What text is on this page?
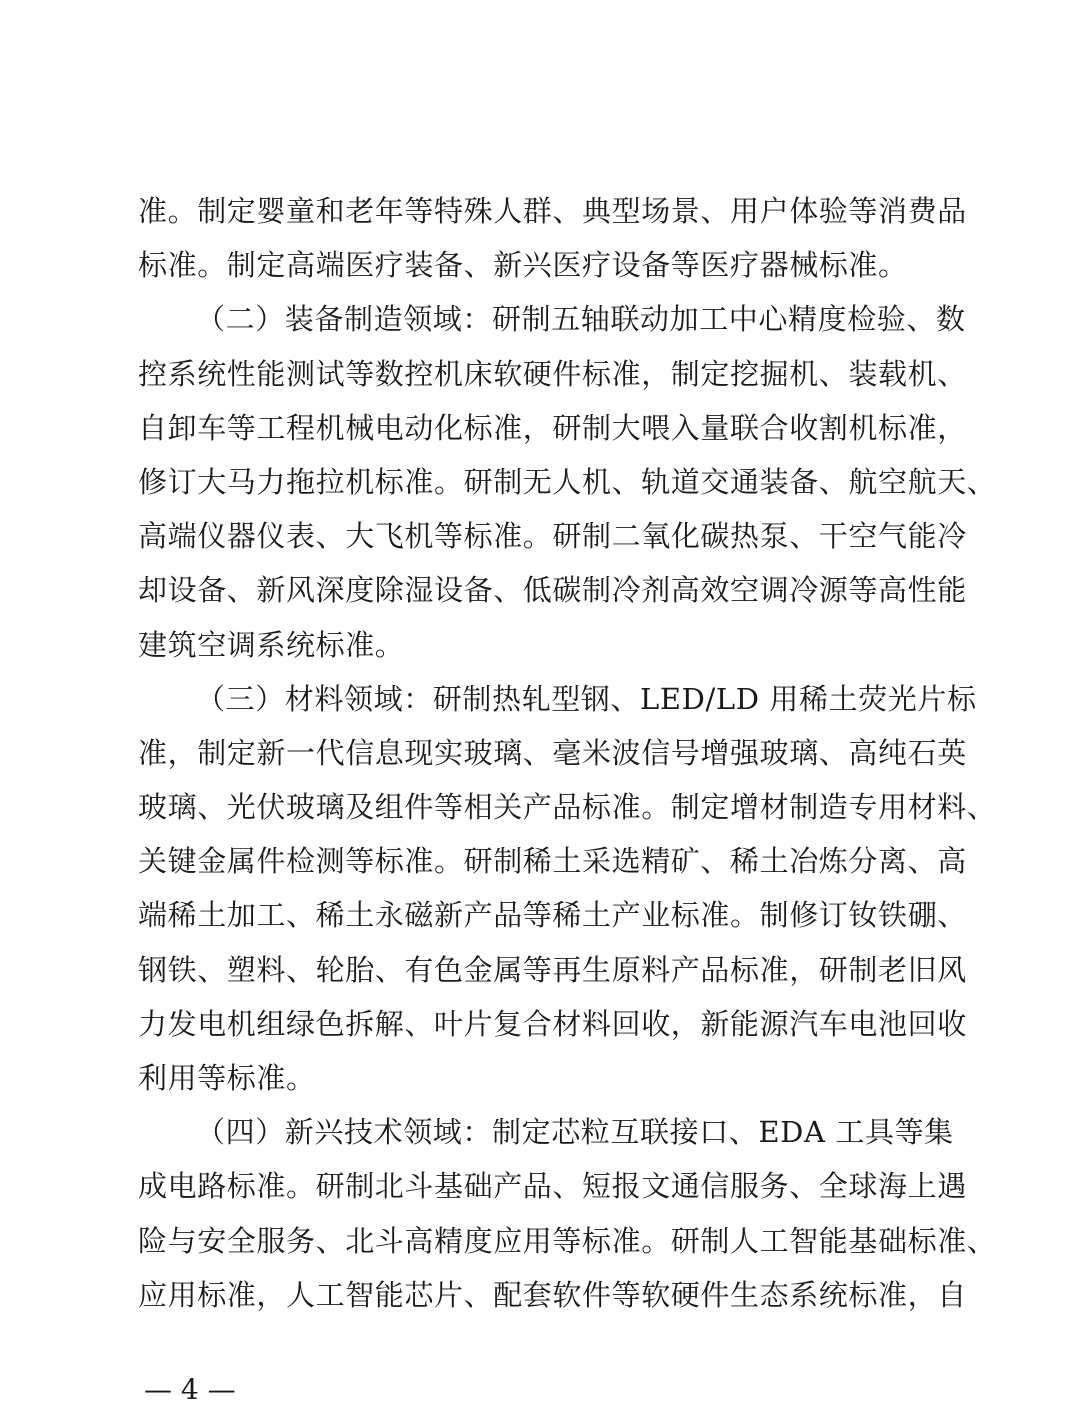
准。制定婴童和老年等特殊人群、典型场景、用户体验等消费品
标准。制定高端医疗装备、新兴医疗设备等医疗器械标准。
（二）装备制造领域：研制五轴联动加工中心精度检验、数
控系统性能测试等数控机床软硬件标准，制定挖掘机、装载机、
自卸车等工程机械电动化标准，研制大喂入量联合收割机标准，
修订大马力拖拉机标准。研制无人机、轨道交通装备、航空航天、
高端仪器仪表、大飞机等标准。研制二氧化碳热泵、干空气能冷
却设备、新风深度除湿设备、低碳制冷剂高效空调冷源等高性能
建筑空调系统标准。
（三）材料领域：研制热轧型钢、LED/LD 用稀土荧光片标
准，制定新一代信息现实玻璃、毫米波信号增强玻璃、高纯石英
玻璃、光伏玻璃及组件等相关产品标准。制定增材制造专用材料、
关键金属件检测等标准。研制稀土采选精矿、稀土冶炼分离、高
端稀土加工、稀土永磁新产品等稀土产业标准。制修订钕铁硼、
钢铁、塑料、轮胎、有色金属等再生原料产品标准，研制老旧风
力发电机组绿色拆解、叶片复合材料回收，新能源汽车电池回收
利用等标准。
（四）新兴技术领域：制定芯粒互联接口、EDA 工具等集
成电路标准。研制北斗基础产品、短报文通信服务、全球海上遇
险与安全服务、北斗高精度应用等标准。研制人工智能基础标准、
应用标准，人工智能芯片、配套软件等软硬件生态系统标准，自
— 4 —
